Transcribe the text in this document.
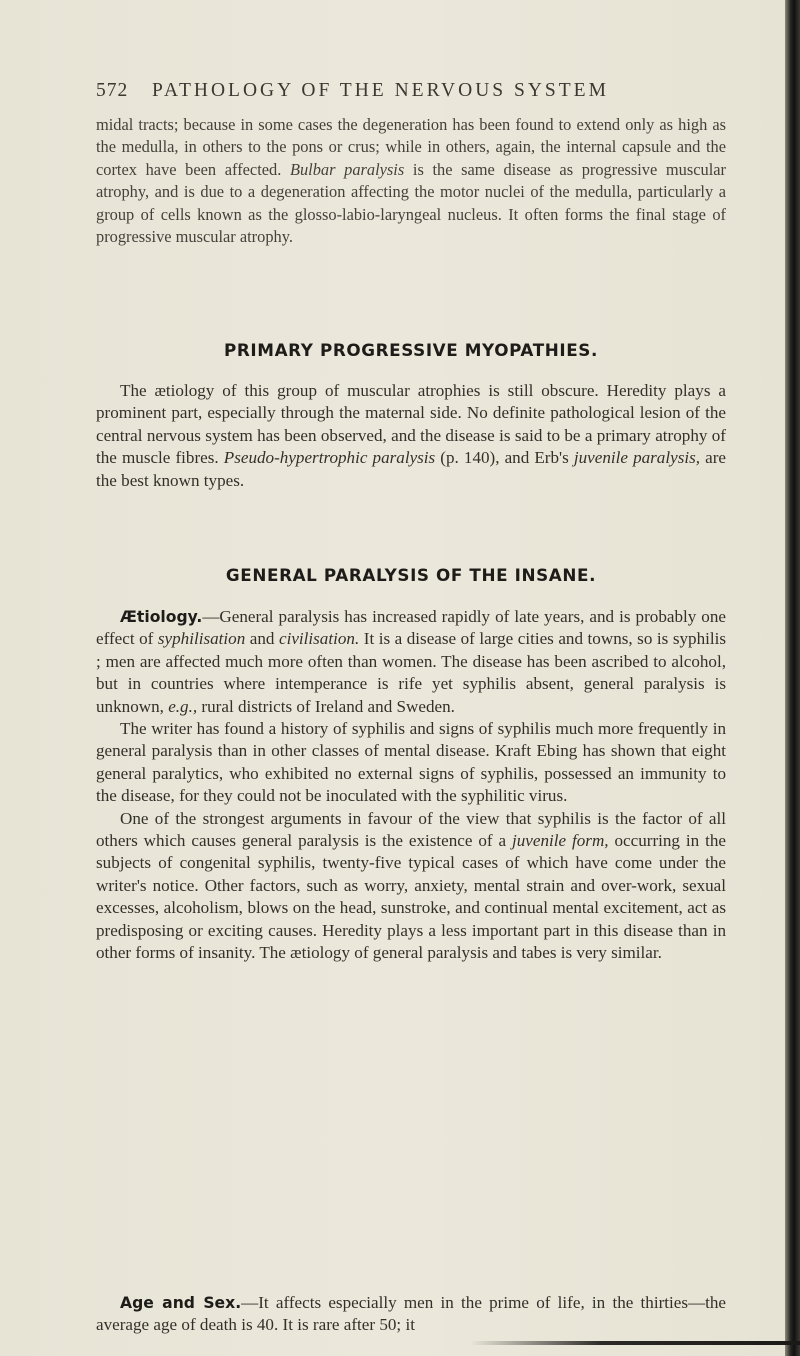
572 PATHOLOGY OF THE NERVOUS SYSTEM

midal tracts; because in some cases the degeneration has been found to extend only as high as the medulla, in others to the pons or crus; while in others, again, the internal capsule and the cortex have been affected. Bulbar paralysis is the same disease as progressive muscular atrophy, and is due to a degeneration affecting the motor nuclei of the medulla, particularly a group of cells known as the glosso-labio-laryngeal nucleus. It often forms the final stage of progressive muscular atrophy.

PRIMARY PROGRESSIVE MYOPATHIES.

The ætiology of this group of muscular atrophies is still obscure. Heredity plays a prominent part, especially through the maternal side. No definite pathological lesion of the central nervous system has been observed, and the disease is said to be a primary atrophy of the muscle fibres. Pseudo-hypertrophic paralysis (p. 140), and Erb's juvenile paralysis, are the best known types.

GENERAL PARALYSIS OF THE INSANE.

Ætiology.—General paralysis has increased rapidly of late years, and is probably one effect of syphilisation and civilisation. It is a disease of large cities and towns, so is syphilis ; men are affected much more often than women. The disease has been ascribed to alcohol, but in countries where intemperance is rife yet syphilis absent, general paralysis is unknown, e.g., rural districts of Ireland and Sweden.

The writer has found a history of syphilis and signs of syphilis much more frequently in general paralysis than in other classes of mental disease. Kraft Ebing has shown that eight general paralytics, who exhibited no external signs of syphilis, possessed an immunity to the disease, for they could not be inoculated with the syphilitic virus.

One of the strongest arguments in favour of the view that syphilis is the factor of all others which causes general paralysis is the existence of a juvenile form, occurring in the subjects of congenital syphilis, twenty-five typical cases of which have come under the writer's notice. Other factors, such as worry, anxiety, mental strain and over-work, sexual excesses, alcoholism, blows on the head, sunstroke, and continual mental excitement, act as predisposing or exciting causes. Heredity plays a less important part in this disease than in other forms of insanity. The ætiology of general paralysis and tabes is very similar.

Age and Sex.—It affects especially men in the prime of life, in the thirties—the average age of death is 40. It is rare after 50; it
